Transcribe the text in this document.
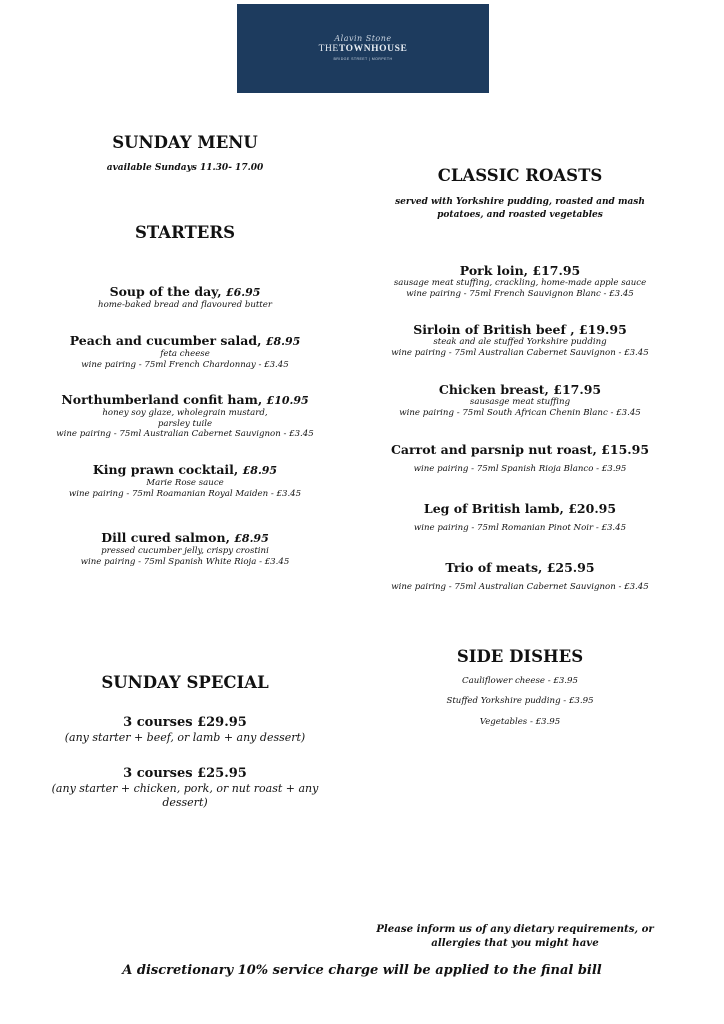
Alavin Stone
THETOWNHOUSE
BRIDGE STREET | MORPETH
SUNDAY MENU
available Sundays 11.30- 17.00
STARTERS
Soup of the day, £6.95
home-baked bread and flavoured butter
Peach and cucumber salad, £8.95
feta cheese
wine pairing - 75ml French Chardonnay - £3.45
Northumberland confit ham, £10.95
honey soy glaze, wholegrain mustard,
parsley tuile
wine pairing - 75ml Australian Cabernet Sauvignon - £3.45
King prawn cocktail, £8.95
Marie Rose sauce
wine pairing - 75ml Roamanian Royal Maiden - £3.45
Dill cured salmon, £8.95
pressed cucumber jelly, crispy crostini
wine pairing - 75ml Spanish White Rioja - £3.45
SUNDAY SPECIAL
3 courses £29.95
(any starter + beef, or lamb + any dessert)
3 courses £25.95
(any starter + chicken, pork, or nut roast + any
dessert)
CLASSIC ROASTS
served with Yorkshire pudding, roasted and mash
potatoes, and roasted vegetables
Pork loin, £17.95
sausage meat stuffing, crackling, home-made apple sauce
wine pairing - 75ml French Sauvignon Blanc - £3.45
Sirloin of British beef , £19.95
steak and ale stuffed Yorkshire pudding
wine pairing - 75ml Australian Cabernet Sauvignon - £3.45
Chicken breast, £17.95
sausasge meat stuffing
wine pairing - 75ml South African Chenin Blanc - £3.45
Carrot and parsnip nut roast, £15.95
wine pairing - 75ml Spanish Rioja Blanco - £3.95
Leg of British lamb, £20.95
wine pairing - 75ml Romanian Pinot Noir - £3.45
Trio of meats, £25.95
wine pairing - 75ml Australian Cabernet Sauvignon - £3.45
SIDE DISHES
Cauliflower cheese - £3.95
Stuffed Yorkshire pudding - £3.95
Vegetables - £3.95
Please inform us of any dietary requirements, or
allergies that you might have
A discretionary 10% service charge will be applied to the final bill
